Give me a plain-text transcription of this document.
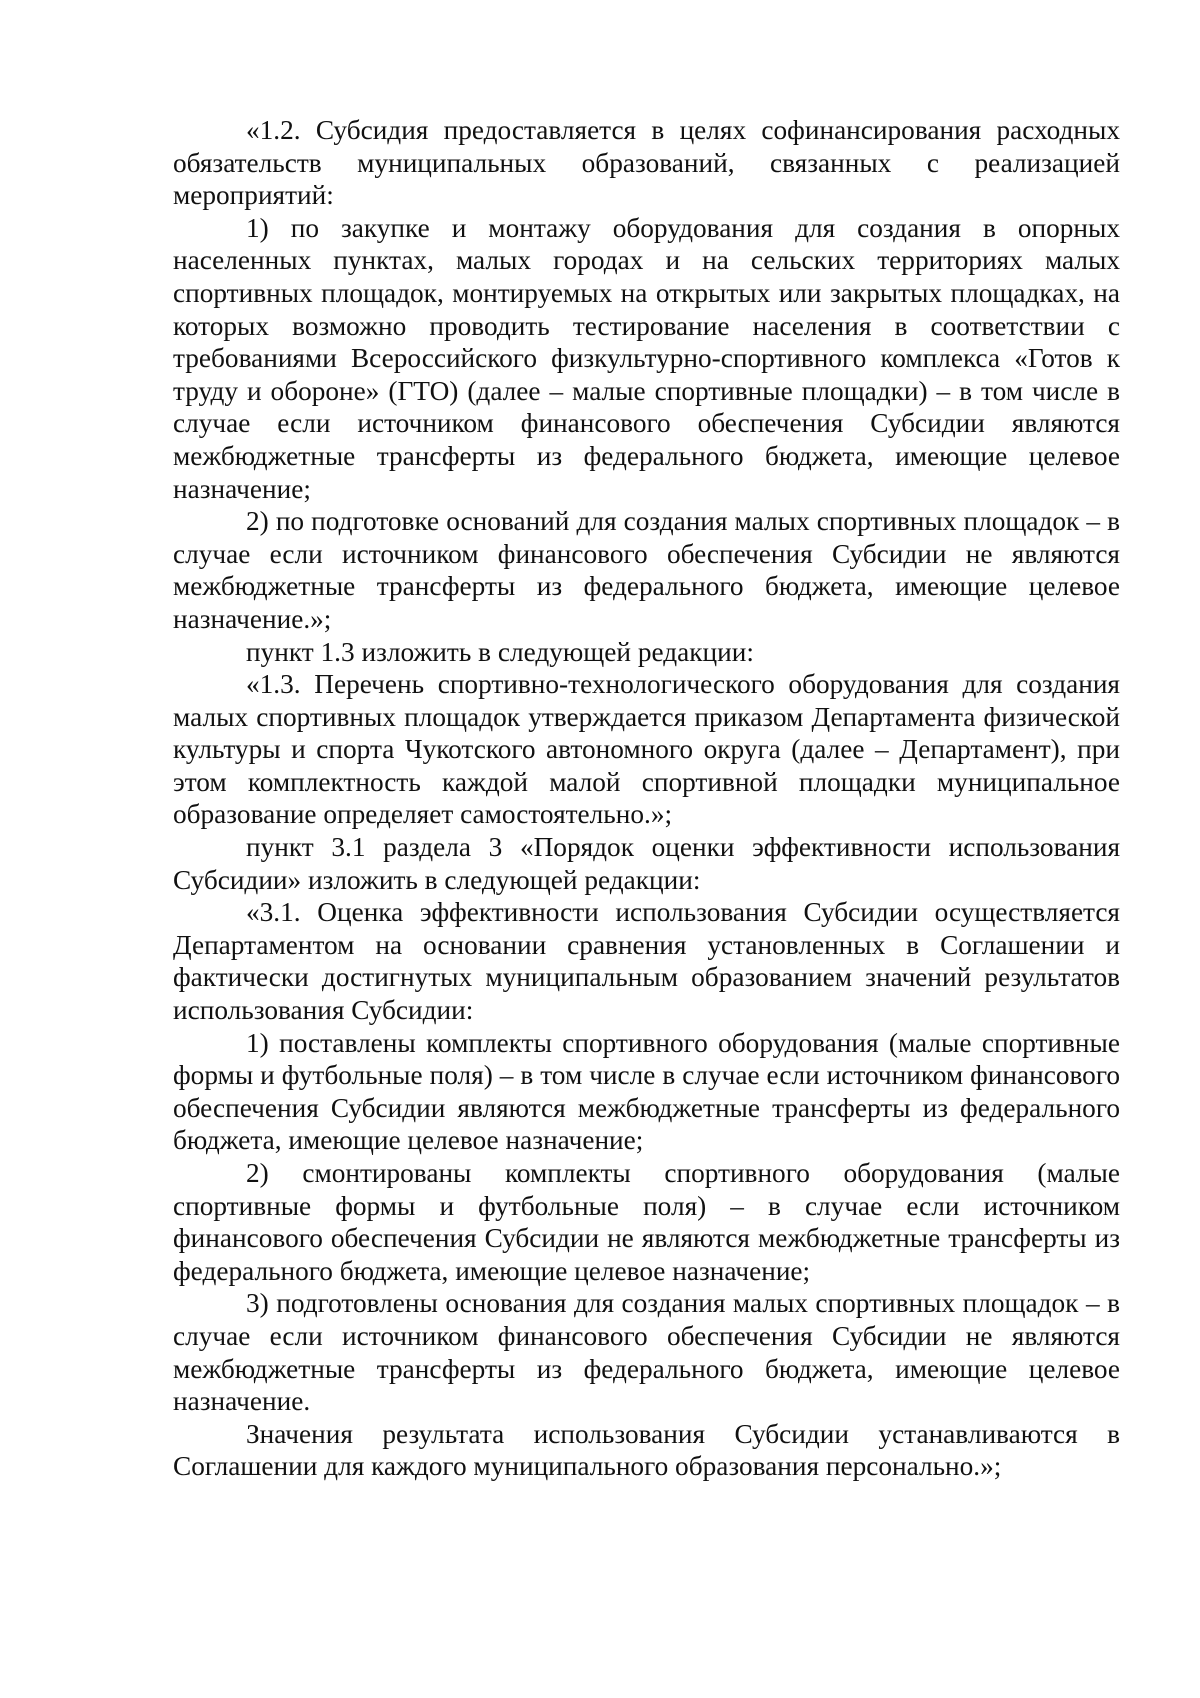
«1.2. Субсидия предоставляется в целях софинансирования расходных обязательств муниципальных образований, связанных с реализацией мероприятий:

1) по закупке и монтажу оборудования для создания в опорных населенных пунктах, малых городах и на сельских территориях малых спортивных площадок, монтируемых на открытых или закрытых площадках, на которых возможно проводить тестирование населения в соответствии с требованиями Всероссийского физкультурно-спортивного комплекса «Готов к труду и обороне» (ГТО) (далее – малые спортивные площадки) – в том числе в случае если источником финансового обеспечения Субсидии являются межбюджетные трансферты из федерального бюджета, имеющие целевое назначение;

2) по подготовке оснований для создания малых спортивных площадок – в случае если источником финансового обеспечения Субсидии не являются межбюджетные трансферты из федерального бюджета, имеющие целевое назначение.»;

пункт 1.3 изложить в следующей редакции:

«1.3. Перечень спортивно-технологического оборудования для создания малых спортивных площадок утверждается приказом Департамента физической культуры и спорта Чукотского автономного округа (далее – Департамент), при этом комплектность каждой малой спортивной площадки муниципальное образование определяет самостоятельно.»;

пункт 3.1 раздела 3 «Порядок оценки эффективности использования Субсидии» изложить в следующей редакции:

«3.1. Оценка эффективности использования Субсидии осуществляется Департаментом на основании сравнения установленных в Соглашении и фактически достигнутых муниципальным образованием значений результатов использования Субсидии:

1) поставлены комплекты спортивного оборудования (малые спортивные формы и футбольные поля) – в том числе в случае если источником финансового обеспечения Субсидии являются межбюджетные трансферты из федерального бюджета, имеющие целевое назначение;

2) смонтированы комплекты спортивного оборудования (малые спортивные формы и футбольные поля) – в случае если источником финансового обеспечения Субсидии не являются межбюджетные трансферты из федерального бюджета, имеющие целевое назначение;

3) подготовлены основания для создания малых спортивных площадок – в случае если источником финансового обеспечения Субсидии не являются межбюджетные трансферты из федерального бюджета, имеющие целевое назначение.

Значения результата использования Субсидии устанавливаются в Соглашении для каждого муниципального образования персонально.»;
